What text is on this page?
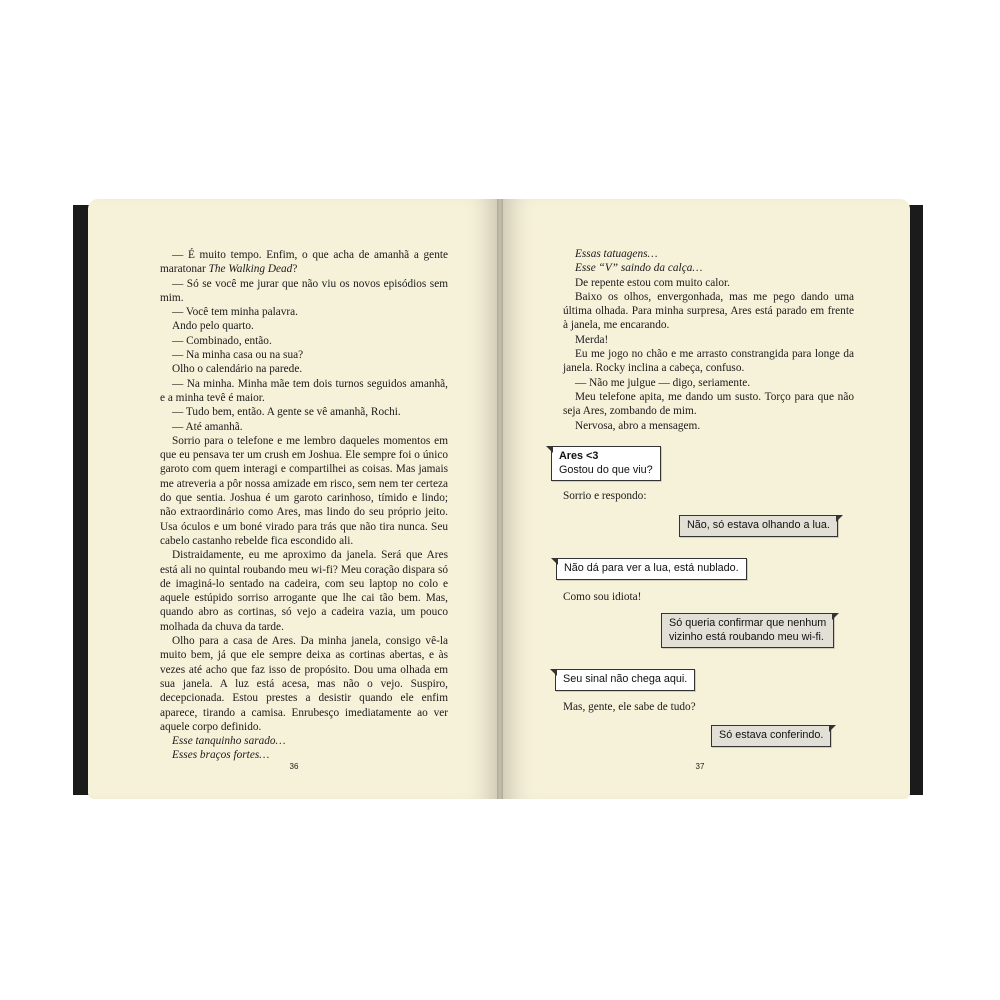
— É muito tempo. Enfim, o que acha de amanhã a gente maratonar The Walking Dead?

— Só se você me jurar que não viu os novos episódios sem mim.

— Você tem minha palavra.

Ando pelo quarto.

— Combinado, então.

— Na minha casa ou na sua?

Olho o calendário na parede.

— Na minha. Minha mãe tem dois turnos seguidos amanhã, e a minha tevê é maior.

— Tudo bem, então. A gente se vê amanhã, Rochi.

— Até amanhã.

Sorrio para o telefone e me lembro daqueles momentos em que eu pensava ter um crush em Joshua. Ele sempre foi o único garoto com quem interagi e compartilhei as coisas. Mas jamais me atreveria a pôr nossa amizade em risco, sem nem ter certeza do que sentia. Joshua é um garoto carinhoso, tímido e lindo; não extraordinário como Ares, mas lindo do seu próprio jeito. Usa óculos e um boné virado para trás que não tira nunca. Seu cabelo castanho rebelde fica escondido ali.

Distraidamente, eu me aproximo da janela. Será que Ares está ali no quintal roubando meu wi-fi? Meu coração dispara só de imaginá-lo sentado na cadeira, com seu laptop no colo e aquele estúpido sorriso arrogante que lhe cai tão bem. Mas, quando abro as cortinas, só vejo a cadeira vazia, um pouco molhada da chuva da tarde.

Olho para a casa de Ares. Da minha janela, consigo vê-la muito bem, já que ele sempre deixa as cortinas abertas, e às vezes até acho que faz isso de propósito. Dou uma olhada em sua janela. A luz está acesa, mas não o vejo. Suspiro, decepcionada. Estou prestes a desistir quando ele enfim aparece, tirando a camisa. Enrubesço imediatamente ao ver aquele corpo definido.

Esse tanquinho sarado…

Esses braços fortes…

36

Essas tatuagens…

Esse “V” saindo da calça…

De repente estou com muito calor.

Baixo os olhos, envergonhada, mas me pego dando uma última olhada. Para minha surpresa, Ares está parado em frente à janela, me encarando.

Merda!

Eu me jogo no chão e me arrasto constrangida para longe da janela. Rocky inclina a cabeça, confuso.

— Não me julgue — digo, seriamente.

Meu telefone apita, me dando um susto. Torço para que não seja Ares, zombando de mim.

Nervosa, abro a mensagem.

Ares <3
Gostou do que viu?
Sorrio e respondo:
Não, só estava olhando a lua.
Não dá para ver a lua, está nublado.
Como sou idiota!
Só queria confirmar que nenhum
vizinho está roubando meu wi-fi.
Seu sinal não chega aqui.
Mas, gente, ele sabe de tudo?
Só estava conferindo.
37
